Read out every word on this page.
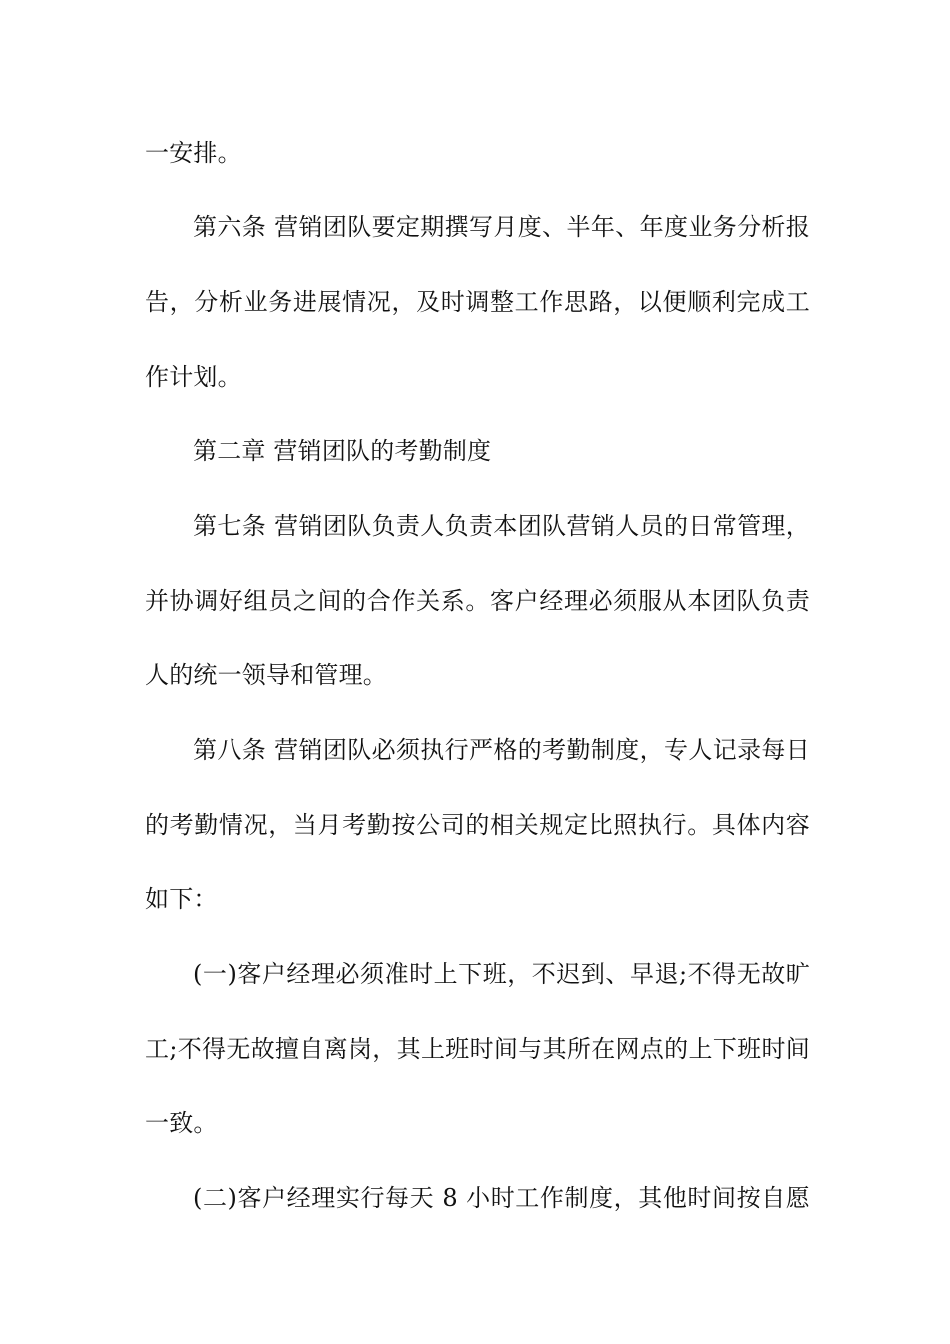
一安排。
第六条 营销团队要定期撰写月度、半年、年度业务分析报
告，分析业务进展情况，及时调整工作思路，以便顺利完成工
作计划。
第二章 营销团队的考勤制度
第七条 营销团队负责人负责本团队营销人员的日常管理，
并协调好组员之间的合作关系。客户经理必须服从本团队负责
人的统一领导和管理。
第八条 营销团队必须执行严格的考勤制度，专人记录每日
的考勤情况，当月考勤按公司的相关规定比照执行。具体内容
如下：
(一)客户经理必须准时上下班，不迟到、早退;不得无故旷
工;不得无故擅自离岗，其上班时间与其所在网点的上下班时间
一致。
(二)客户经理实行每天 8 小时工作制度，其他时间按自愿
